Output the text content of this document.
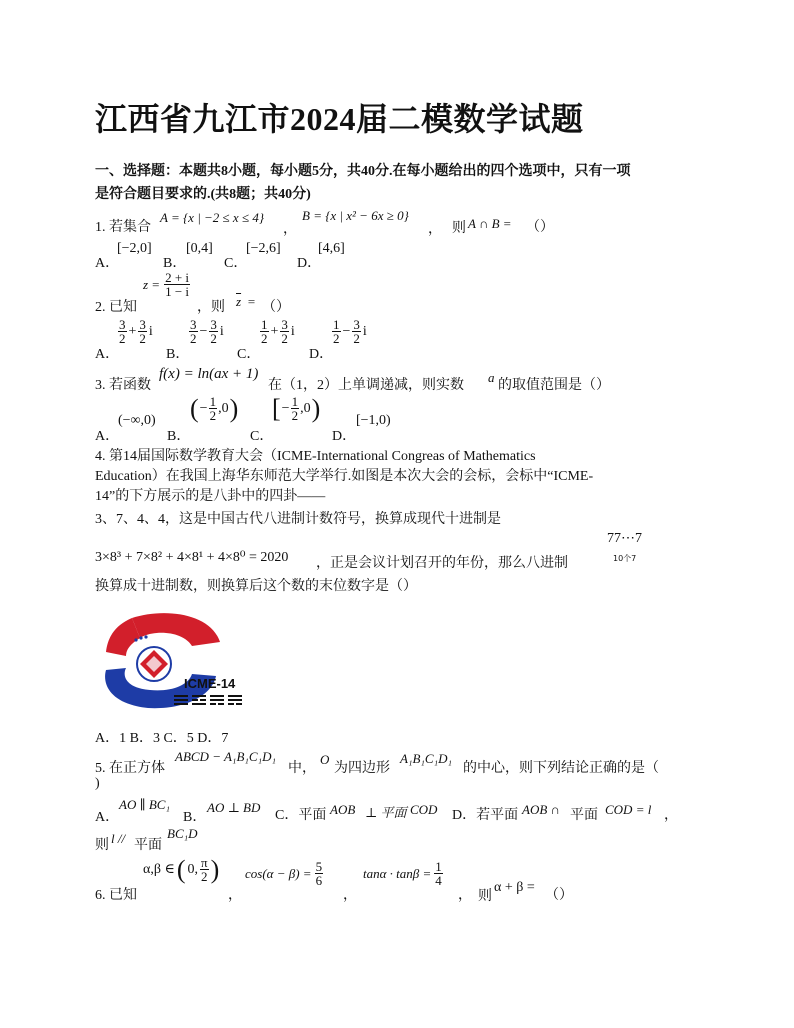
江西省九江市2024届二模数学试题
一、选择题：本题共8小题，每小题5分，共40分.在每小题给出的四个选项中，只有一项
是符合题目要求的.(共8题；共40分)
1. 若集合
A = {x | −2 ≤ x ≤ 4}
，
B = {x | x² − 6x ≥ 0}
， 则 A ∩ B = （）
A．
[−2,0]
B．
[0,4]
C．
[−2,6]
D．
[4,6]
2. 已知
$z = \frac{2 + i}{1 - i}$
，则 $\overline{z}$ = （）
A．
$\frac{3}{2} + \frac{3}{2}$ i
B．
$\frac{3}{2} - \frac{3}{2}$ i
C．
$\frac{1}{2} + \frac{3}{2}$ i
D．
$\frac{1}{2} - \frac{3}{2}$ i
3. 若函数
f(x) = ln(ax + 1)
在（1，2）上单调递减，则实数
a
的取值范围是（）
A．
(−∞,0)
B．
( − $\frac{1}{2} ,0$ )
C．
[ − $\frac{1}{2} ,0$ )
D．
[−1,0)
4. 第14届国际数学教育大会（ICME-International Congreas of Mathematics
Education）在我国上海华东师范大学举行.如图是本次大会的会标，会标中“ICME-
14”的下方展示的是八卦中的四卦——
3、7、4、4，这是中国古代八进制计数符号，换算成现代十进制是
77⋯7
3×8³ + 7×8² + 4×8¹ + 4×8⁰ = 2020 ，正是会议计划召开的年份，那么八进制	10个7
换算成十进制数，则换算后这个数的末位数字是（）
ICME-14
A．1 B．3 C．5 D．7
5. 在正方体
ABCD − A₁B₁C₁D₁
中，
O
为四边形
A₁B₁C₁D₁
的中心，则下列结论正确的是（
)
A．
AO ∥ BC₁
B．
AO ⊥ BD
C．平面 AOB ⊥ 平面 COD D．若平面 AOB ∩ 平面 COD = l ，
则 l // 平面
BC₁D
6. 已知
α,β ∈ ( 0, $\frac{\pi}{2}$ )
，
$\cos(\alpha - \beta) = \frac{5}{6}$
，
$\tan\alpha \cdot \tan\beta = \frac{1}{4}$
， 则
α + β =
（）
